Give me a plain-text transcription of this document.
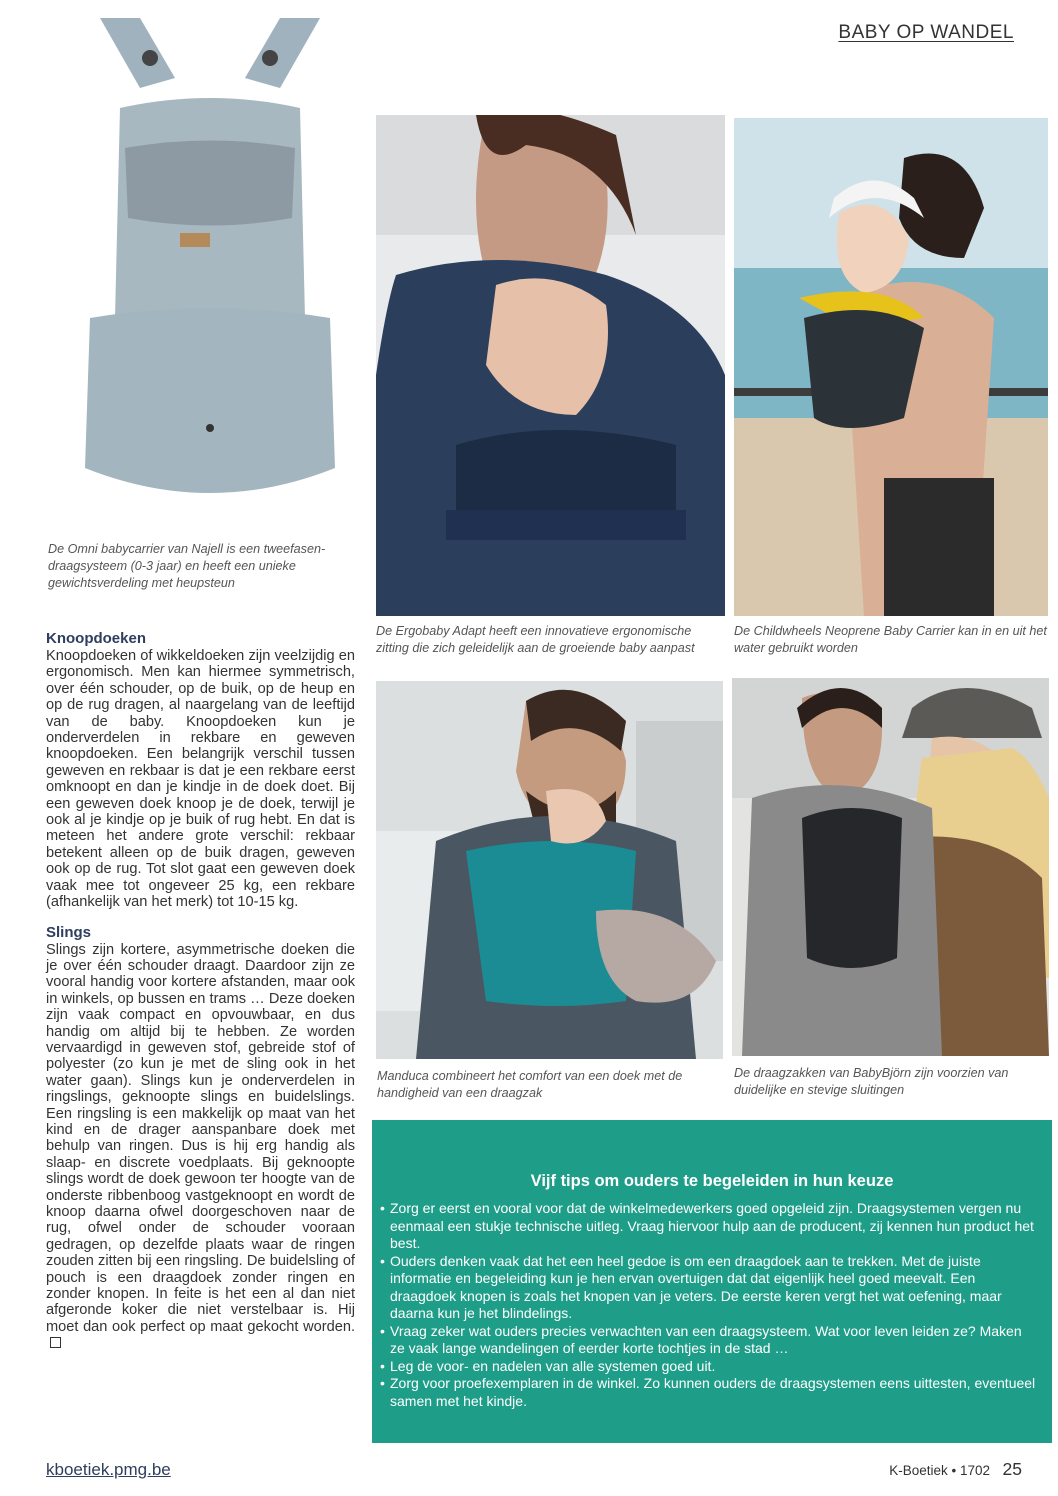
BABY OP WANDEL
De Omni babycarrier van Najell is een tweefasen-draagsysteem (0-3 jaar) en heeft een unieke gewichtsverdeling met heupsteun
De Ergobaby Adapt heeft een innovatieve ergonomische zitting die zich geleidelijk aan de groeiende baby aanpast
De Childwheels Neoprene Baby Carrier kan in en uit het water gebruikt worden
Knoopdoeken

Knoopdoeken of wikkeldoeken zijn veelzijdig en ergonomisch. Men kan hiermee symmetrisch, over één schouder, op de buik, op de heup en op de rug dragen, al naargelang van de leeftijd van de baby. Knoopdoeken kun je onderverdelen in rekbare en geweven knoopdoeken. Een belangrijk verschil tussen geweven en rekbaar is dat je een rekbare eerst omknoopt en dan je kindje in de doek doet. Bij een geweven doek knoop je de doek, terwijl je ook al je kindje op je buik of rug hebt. En dat is meteen het andere grote verschil: rekbaar betekent alleen op de buik dragen, geweven ook op de rug. Tot slot gaat een geweven doek vaak mee tot ongeveer 25 kg, een rekbare (afhankelijk van het merk) tot 10-15 kg.

Slings

Slings zijn kortere, asymmetrische doeken die je over één schouder draagt. Daardoor zijn ze vooral handig voor kortere afstanden, maar ook in winkels, op bussen en trams … Deze doeken zijn vaak compact en opvouwbaar, en dus handig om altijd bij te hebben. Ze worden vervaardigd in geweven stof, gebreide stof of polyester (zo kun je met de sling ook in het water gaan). Slings kun je onderverdelen in ringslings, geknoopte slings en buidelslings. Een ringsling is een makkelijk op maat van het kind en de drager aanspanbare doek met behulp van ringen. Dus is hij erg handig als slaap- en discrete voedplaats. Bij geknoopte slings wordt de doek gewoon ter hoogte van de onderste ribbenboog vastgeknoopt en wordt de knoop daarna ofwel doorgeschoven naar de rug, ofwel onder de schouder vooraan gedragen, op dezelfde plaats waar de ringen zouden zitten bij een ringsling. De buidelsling of pouch is een draagdoek zonder ringen en zonder knopen. In feite is het een al dan niet afgeronde koker die niet verstelbaar is. Hij moet dan ook perfect op maat gekocht worden.

Manduca combineert het comfort van een doek met de handigheid van een draagzak
De draagzakken van BabyBjörn zijn voorzien van duidelijke en stevige sluitingen
Vijf tips om ouders te begeleiden in hun keuze
• Zorg er eerst en vooral voor dat de winkelmedewerkers goed opgeleid zijn. Draagsystemen vergen nu eenmaal een stukje technische uitleg. Vraag hiervoor hulp aan de producent, zij kennen hun product het best.
• Ouders denken vaak dat het een heel gedoe is om een draagdoek aan te trekken. Met de juiste informatie en begeleiding kun je hen ervan overtuigen dat dat eigenlijk heel goed meevalt. Een draagdoek knopen is zoals het knopen van je veters. De eerste keren vergt het wat oefening, maar daarna kun je het blindelings.
• Vraag zeker wat ouders precies verwachten van een draagsysteem. Wat voor leven leiden ze? Maken ze vaak lange wandelingen of eerder korte tochtjes in de stad …
• Leg de voor- en nadelen van alle systemen goed uit.
• Zorg voor proefexemplaren in de winkel. Zo kunnen ouders de draagsystemen eens uittesten, eventueel samen met het kindje.
kboetiek.pmg.be	K-Boetiek • 1702 25
